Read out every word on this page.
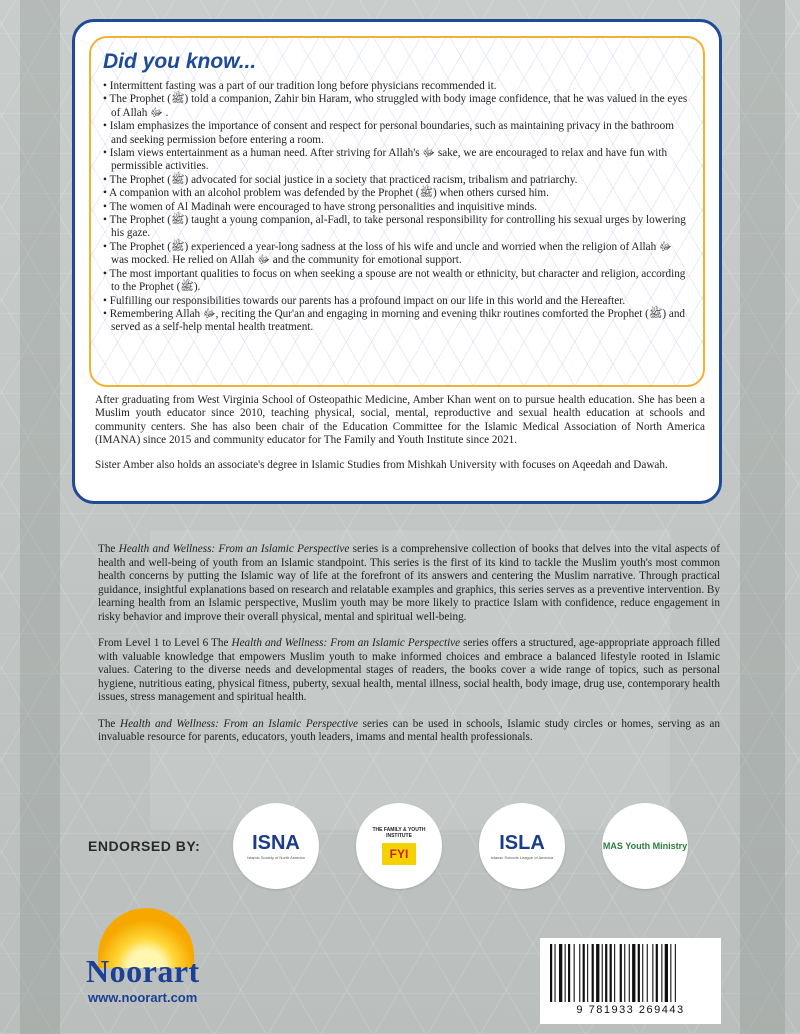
Did you know...
• Intermittent fasting was a part of our tradition long before physicians recommended it.
• The Prophet (ﷺ) told a companion, Zahir bin Haram, who struggled with body image confidence, that he was valued in the eyes of Allah ﷻ .
• Islam emphasizes the importance of consent and respect for personal boundaries, such as maintaining privacy in the bathroom and seeking permission before entering a room.
• Islam views entertainment as a human need. After striving for Allah's ﷻ sake, we are encouraged to relax and have fun with permissible activities.
• The Prophet (ﷺ) advocated for social justice in a society that practiced racism, tribalism and patriarchy.
• A companion with an alcohol problem was defended by the Prophet (ﷺ) when others cursed him.
• The women of Al Madinah were encouraged to have strong personalities and inquisitive minds.
• The Prophet (ﷺ) taught a young companion, al-Fadl, to take personal responsibility for controlling his sexual urges by lowering his gaze.
• The Prophet (ﷺ) experienced a year-long sadness at the loss of his wife and uncle and worried when the religion of Allah ﷻ was mocked. He relied on Allah ﷻ and the community for emotional support.
• The most important qualities to focus on when seeking a spouse are not wealth or ethnicity, but character and religion, according to the Prophet (ﷺ).
• Fulfilling our responsibilities towards our parents has a profound impact on our life in this world and the Hereafter.
• Remembering Allah ﷻ, reciting the Qur'an and engaging in morning and evening thikr routines comforted the Prophet (ﷺ) and served as a self-help mental health treatment.

After graduating from West Virginia School of Osteopathic Medicine, Amber Khan went on to pursue health education. She has been a Muslim youth educator since 2010, teaching physical, social, mental, reproductive and sexual health education at schools and community centers. She has also been chair of the Education Committee for the Islamic Medical Association of North America (IMANA) since 2015 and community educator for The Family and Youth Institute since 2021.

Sister Amber also holds an associate's degree in Islamic Studies from Mishkah University with focuses on Aqeedah and Dawah.

The Health and Wellness: From an Islamic Perspective series is a comprehensive collection of books that delves into the vital aspects of health and well-being of youth from an Islamic standpoint. This series is the first of its kind to tackle the Muslim youth's most common health concerns by putting the Islamic way of life at the forefront of its answers and centering the Muslim narrative. Through practical guidance, insightful explanations based on research and relatable examples and graphics, this series serves as a preventive intervention. By learning health from an Islamic perspective, Muslim youth may be more likely to practice Islam with confidence, reduce engagement in risky behavior and improve their overall physical, mental and spiritual well-being.

From Level 1 to Level 6 The Health and Wellness: From an Islamic Perspective series offers a structured, age-appropriate approach filled with valuable knowledge that empowers Muslim youth to make informed choices and embrace a balanced lifestyle rooted in Islamic values. Catering to the diverse needs and developmental stages of readers, the books cover a wide range of topics, such as personal hygiene, nutritious eating, physical fitness, puberty, sexual health, mental illness, social health, body image, drug use, contemporary health issues, stress management and spiritual health.

The Health and Wellness: From an Islamic Perspective series can be used in schools, Islamic study circles or homes, serving as an invaluable resource for parents, educators, youth leaders, imams and mental health professionals.

ENDORSED BY:	ISNA
Islamic Society of North America
THE FAMILY & YOUTH INSTITUTE
FYI	ISLA
Islamic Schools League of America
MAS Youth Ministry
Noorart
www.noorart.com
9 781933 269443
